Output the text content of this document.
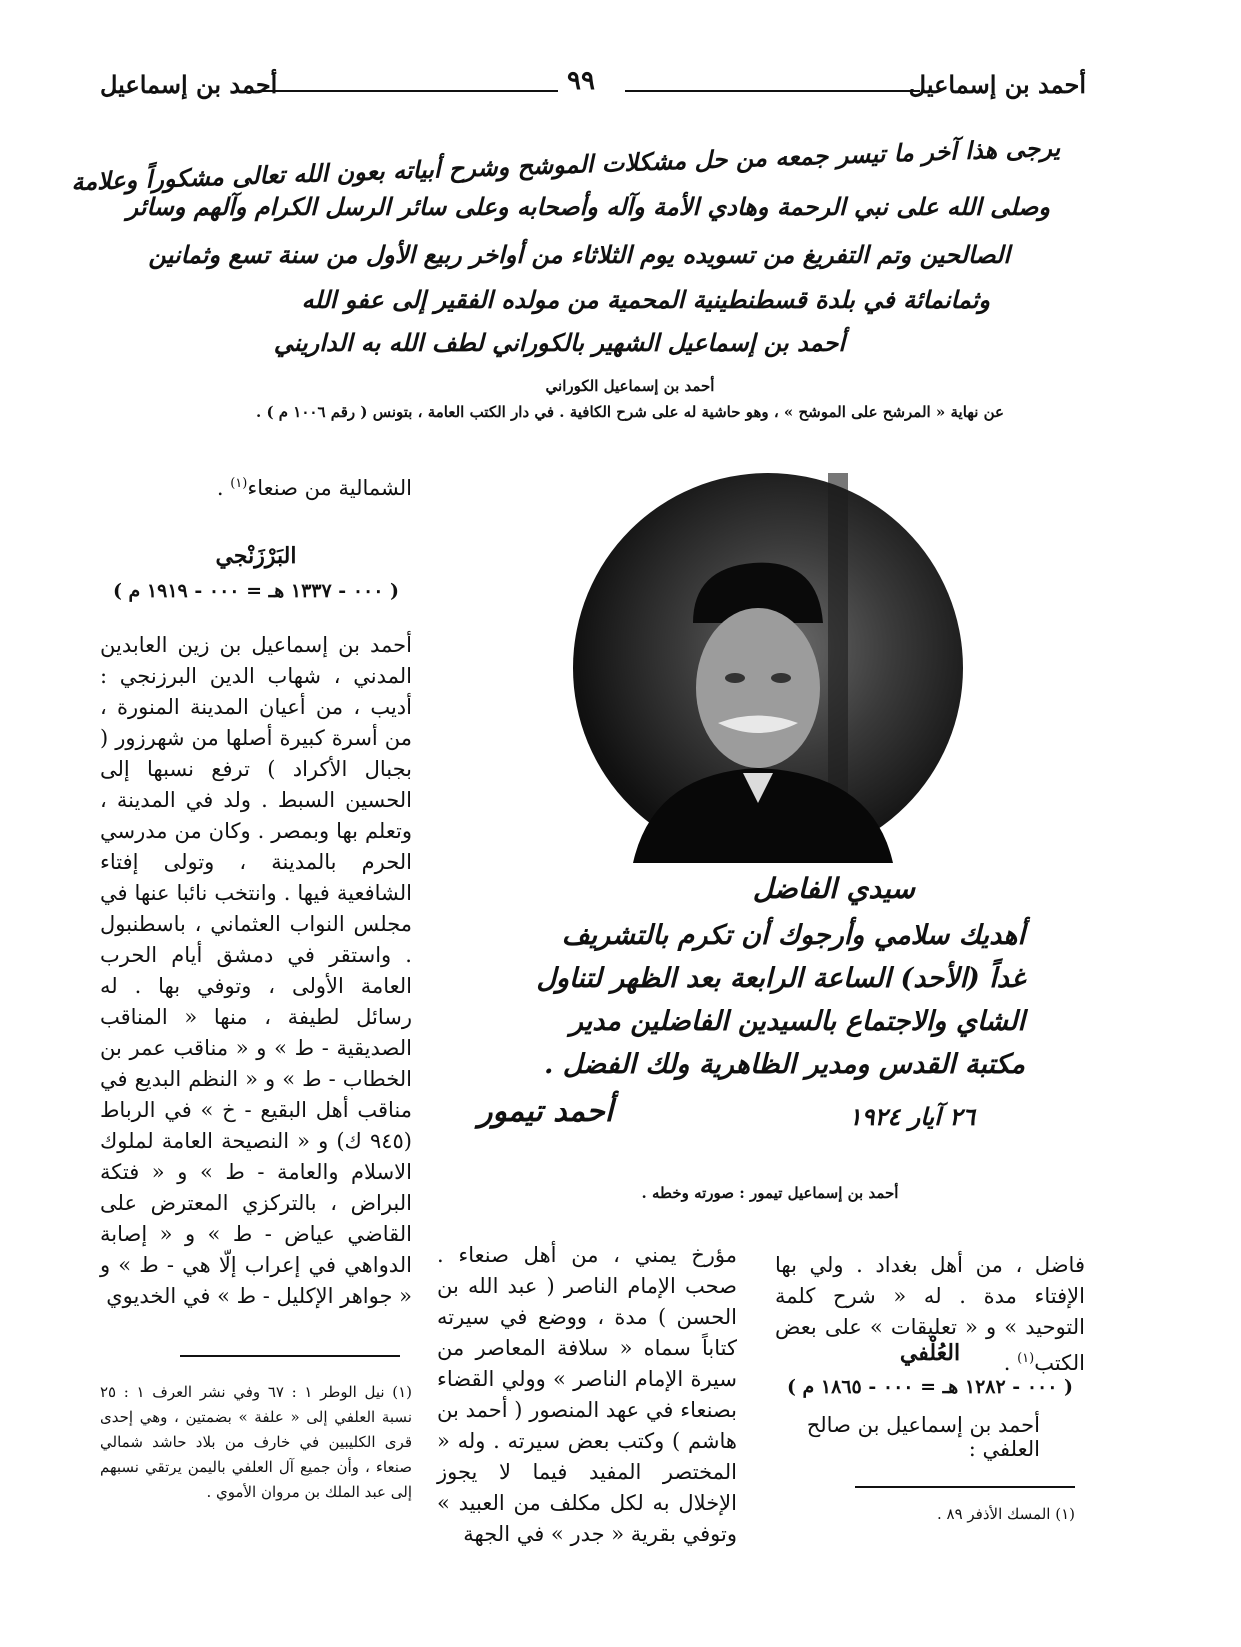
أحمد بن إسماعيل
٩٩
أحمد بن إسماعيل
يرجى هذا آخر ما تيسر جمعه من حل مشكلات الموشح وشرح أبياته بعون الله تعالى مشكوراً وعلامة
وصلى الله على نبي الرحمة وهادي الأمة وآله وأصحابه وعلى سائر الرسل الكرام وآلهم وسائر
الصالحين وتم التفريغ من تسويده يوم الثلاثاء من أواخر ربيع الأول من سنة تسع وثمانين
وثمانمائة في بلدة قسطنطينية المحمية من مولده الفقير إلى عفو الله
أحمد بن إسماعيل الشهير بالكوراني لطف الله به الداريني
أحمد بن إسماعيل الكوراني
عن نهاية « المرشح على الموشح » ، وهو حاشية له على شرح الكافية . في دار الكتب العامة ، بتونس ( رقم ١٠٠٦ م ) .
سيدي الفاضل
أهديك سلامي وأرجوك أن تكرم بالتشريف
غداً (الأحد) الساعة الرابعة بعد الظهر لتناول
الشاي والاجتماع بالسيدين الفاضلين مدير
مكتبة القدس ومدير الظاهرية ولك الفضل .
٢٦ آيار ١٩٢٤
أحمد تيمور
أحمد بن إسماعيل تيمور : صورته وخطه .
الشمالية من صنعاء$^{(١)}$ .
البَرْزَنْجي
( ٠٠٠ - ١٣٣٧ هـ = ٠٠٠ - ١٩١٩ م )
أحمد بن إسماعيل بن زين العابدين المدني ، شهاب الدين البرزنجي : أديب ، من أعيان المدينة المنورة ، من أسرة كبيرة أصلها من شهرزور ( بجبال الأكراد ) ترفع نسبها إلى الحسين السبط . ولد في المدينة ، وتعلم بها وبمصر . وكان من مدرسي الحرم بالمدينة ، وتولى إفتاء الشافعية فيها . وانتخب نائبا عنها في مجلس النواب العثماني ، باسطنبول . واستقر في دمشق أيام الحرب العامة الأولى ، وتوفي بها . له رسائل لطيفة ، منها « المناقب الصديقية - ط » و « مناقب عمر بن الخطاب - ط » و « النظم البديع في مناقب أهل البقيع - خ » في الرباط (٩٤٥ ك) و « النصيحة العامة لملوك الاسلام والعامة - ط » و « فتكة البراض ، بالتركزي المعترض على القاضي عياض - ط » و « إصابة الدواهي في إعراب إلّا هي - ط » و « جواهر الإكليل - ط » في الخديوي
(١) نيل الوطر ١ : ٦٧ وفي نشر العرف ١ : ٢٥ نسبة العلفي إلى « علفة » بضمتين ، وهي إحدى قرى الكليبين في خارف من بلاد حاشد شمالي صنعاء ، وأن جميع آل العلفي باليمن يرتقي نسبهم إلى عبد الملك بن مروان الأموي .
مؤرخ يمني ، من أهل صنعاء . صحب الإمام الناصر ( عبد الله بن الحسن ) مدة ، ووضع في سيرته كتاباً سماه « سلافة المعاصر من سيرة الإمام الناصر » وولي القضاء بصنعاء في عهد المنصور ( أحمد بن هاشم ) وكتب بعض سيرته . وله « المختصر المفيد فيما لا يجوز الإخلال به لكل مكلف من العبيد » وتوفي بقرية « جدر » في الجهة
فاضل ، من أهل بغداد . ولي بها الإفتاء مدة . له « شرح كلمة التوحيد » و « تعليقات » على بعض الكتب$^{(١)}$ .
العُلْفي
( ٠٠٠ - ١٢٨٢ هـ = ٠٠٠ - ١٨٦٥ م )
أحمد بن إسماعيل بن صالح العلفي :
(١) المسك الأذفر ٨٩ .
